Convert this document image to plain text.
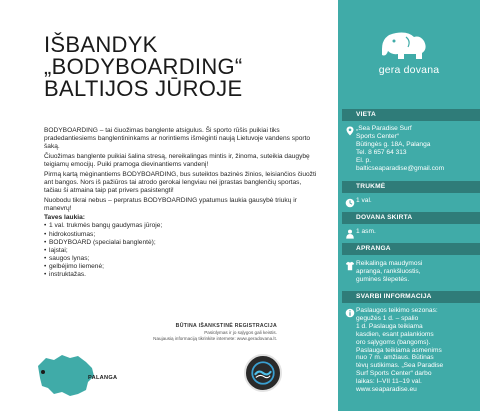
IŠBANDYK
„BODYBOARDING“
BALTIJOS JŪROJE

BODYBOARDING – tai čiuožimas banglente atsigulus. Ši sporto rūšis puikiai tiks pradedantiesiems banglentininkams ar norintiems išmėginti naują Lietuvoje vandens sporto šaką.

Čiuožimas banglente puikiai šalina stresą, nereikalingas mintis ir, žinoma, suteikia daugybę teigiamų emocijų. Puiki pramoga dievinantiems vandenį!

Pirmą kartą mėginantiems BODYBOARDING, bus suteiktos bazinės žinios, leisiančios čiuožti ant bangos. Nors iš pažiūros tai atrodo gerokai lengviau nei įprastas banglenčių sportas, tačiau ši atmaina taip pat privers pasistengti!

Nuobodu tikrai nebus – perpratus BODYBOARDING ypatumus laukia gausybė triukų ir manevrų!

Taves laukia:
• 1 val. trukmės bangų gaudymas jūroje;
• hidrokostiumas;
• BODYBOARD (specialai banglentė);
• lajstai;
• saugos lynas;
• gelbėjimo liemenė;
• instruktažas.
BŪTINA IŠANKSTINĖ REGISTRACIJA
Pasiūlymas ir jo sąlygos gali keistis.
Naujausią informaciją tikrinkite internete: www.geradovana.lt.
PALANGA
gera dovana
VIETA
„Sea Paradise Surf
Sports Center“
Būtingės g. 18A, Palanga
Tel. 8 657 64 313
El. p.
balticseaparadise@gmail.com
TRUKMĖ
1 val.
DOVANA SKIRTA
1 asm.
APRANGA
Reikalinga maudymosi
apranga, rankšluostis,
gumines šlepetės.
SVARBI INFORMACIJA
Paslaugos teikimo sezonas:
gegužės 1 d. – spalio
1 d. Paslauga teikiama
kasdien, esant palankioms
oro sąlygoms (bangoms).
Paslauga teikiama asmenims
nuo 7 m. amžiaus. Būtinas
tėvų sutikimas. „Sea Paradise
Surf Sports Center“ darbo
laikas: I–VII 11–19 val.
www.seaparadise.eu
